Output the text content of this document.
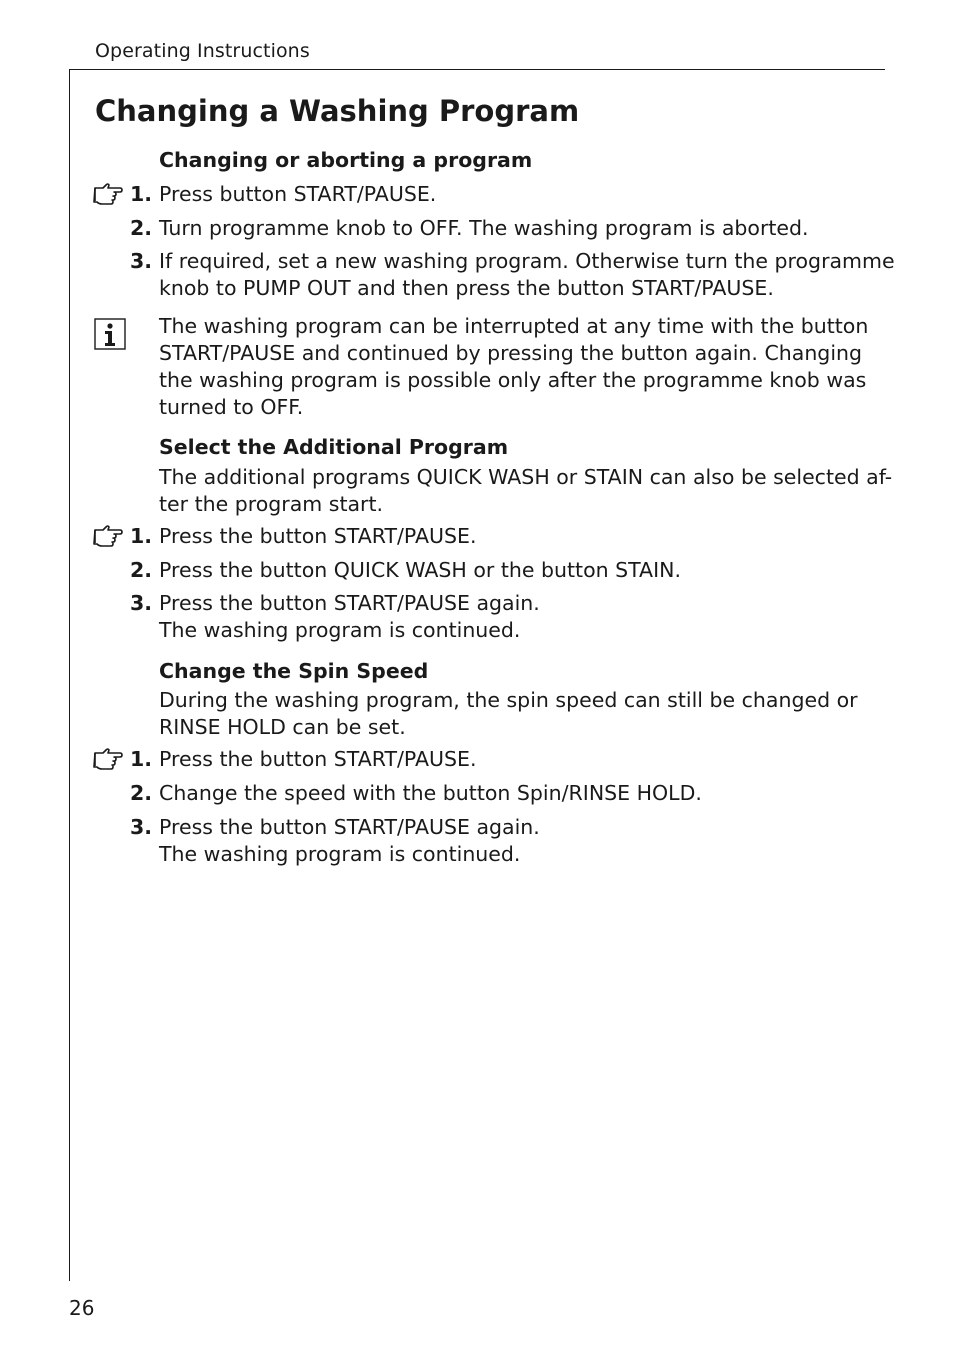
Operating Instructions
Changing a Washing Program
Changing or aborting a program
1. Press button START/PAUSE.
2. Turn programme knob to OFF. The washing program is aborted.
3. If required, set a new washing program. Otherwise turn the programme
knob to PUMP OUT and then press the button START/PAUSE.
The washing program can be interrupted at any time with the button
START/PAUSE and continued by pressing the button again. Changing
the washing program is possible only after the programme knob was
turned to OFF.
Select the Additional Program
The additional programs QUICK WASH or STAIN can also be selected af-
ter the program start.
1. Press the button START/PAUSE.
2. Press the button QUICK WASH or the button STAIN.
3. Press the button START/PAUSE again.
The washing program is continued.
Change the Spin Speed
During the washing program, the spin speed can still be changed or
RINSE HOLD can be set.
1. Press the button START/PAUSE.
2. Change the speed with the button Spin/RINSE HOLD.
3. Press the button START/PAUSE again.
The washing program is continued.
26
